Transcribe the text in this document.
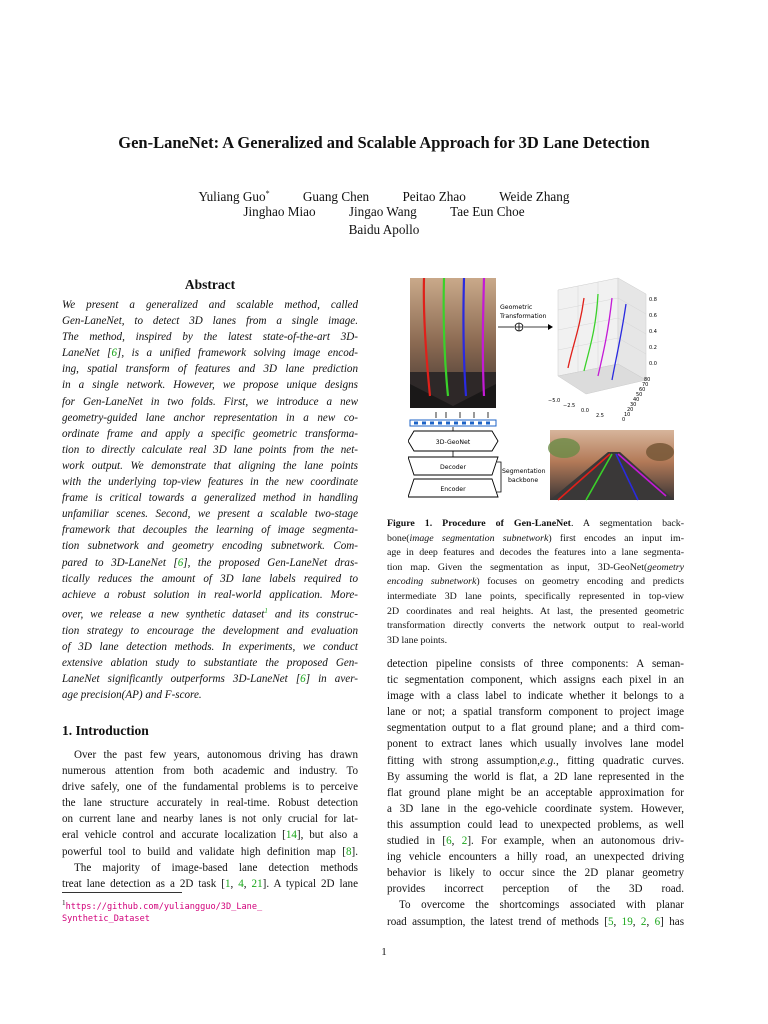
Gen-LaneNet: A Generalized and Scalable Approach for 3D Lane Detection
Yuliang Guo*	Guang Chen	Peitao Zhao	Weide Zhang
Jinghao Miao	Jingao Wang	Tae Eun Choe
Baidu Apollo
Abstract
We present a generalized and scalable method, called
Gen-LaneNet, to detect 3D lanes from a single image.
The method, inspired by the latest state-of-the-art 3D-
LaneNet [6], is a unified framework solving image encod-
ing, spatial transform of features and 3D lane prediction
in a single network. However, we propose unique designs
for Gen-LaneNet in two folds. First, we introduce a new
geometry-guided lane anchor representation in a new co-
ordinate frame and apply a specific geometric transforma-
tion to directly calculate real 3D lane points from the net-
work output. We demonstrate that aligning the lane points
with the underlying top-view features in the new coordinate
frame is critical towards a generalized method in handling
unfamiliar scenes. Second, we present a scalable two-stage
framework that decouples the learning of image segmenta-
tion subnetwork and geometry encoding subnetwork. Com-
pared to 3D-LaneNet [6], the proposed Gen-LaneNet dras-
tically reduces the amount of 3D lane labels required to
achieve a robust solution in real-world application. More-
over, we release a new synthetic dataset$^1$ and its construc-
tion strategy to encourage the development and evaluation
of 3D lane detection methods. In experiments, we conduct
extensive ablation study to substantiate the proposed Gen-
LaneNet significantly outperforms 3D-LaneNet [6] in aver-
age precision(AP) and F-score.
1. Introduction
Over the past few years, autonomous driving has drawn
numerous attention from both academic and industry. To
drive safely, one of the fundamental problems is to perceive
the lane structure accurately in real-time. Robust detection
on current lane and nearby lanes is not only crucial for lat-
eral vehicle control and accurate localization [14], but also a
powerful tool to build and validate high definition map [8].
The majority of image-based lane detection methods
treat lane detection as a 2D task [1, 4, 21]. A typical 2D lane
$^1$https://github.com/yuliangguo/3D_Lane_
Synthetic_Dataset
3D-GeoNet
Decoder
Encoder
Segmentation
backbone
Geometric
Transformation
0.8
0.6
0.4
0.2
0.0
−5.0
−2.5
0.0
2.5
80
70
60
50
40
30
20
10
0
Figure 1. Procedure of Gen-LaneNet. A segmentation back-
bone(image segmentation subnetwork) first encodes an input im-
age in deep features and decodes the features into a lane segmenta-
tion map. Given the segmentation as input, 3D-GeoNet(geometry
encoding subnetwork) focuses on geometry encoding and predicts
intermediate 3D lane points, specifically represented in top-view
2D coordinates and real heights. At last, the presented geometric
transformation directly converts the network output to real-world
3D lane points.
detection pipeline consists of three components: A seman-
tic segmentation component, which assigns each pixel in an
image with a class label to indicate whether it belongs to a
lane or not; a spatial transform component to project image
segmentation output to a flat ground plane; and a third com-
ponent to extract lanes which usually involves lane model
fitting with strong assumption,e.g., fitting quadratic curves.
By assuming the world is flat, a 2D lane represented in the
flat ground plane might be an acceptable approximation for
a 3D lane in the ego-vehicle coordinate system. However,
this assumption could lead to unexpected problems, as well
studied in [6, 2]. For example, when an autonomous driv-
ing vehicle encounters a hilly road, an unexpected driving
behavior is likely to occur since the 2D planar geometry
provides incorrect perception of the 3D road.
To overcome the shortcomings associated with planar
road assumption, the latest trend of methods [5, 19, 2, 6] has
1
